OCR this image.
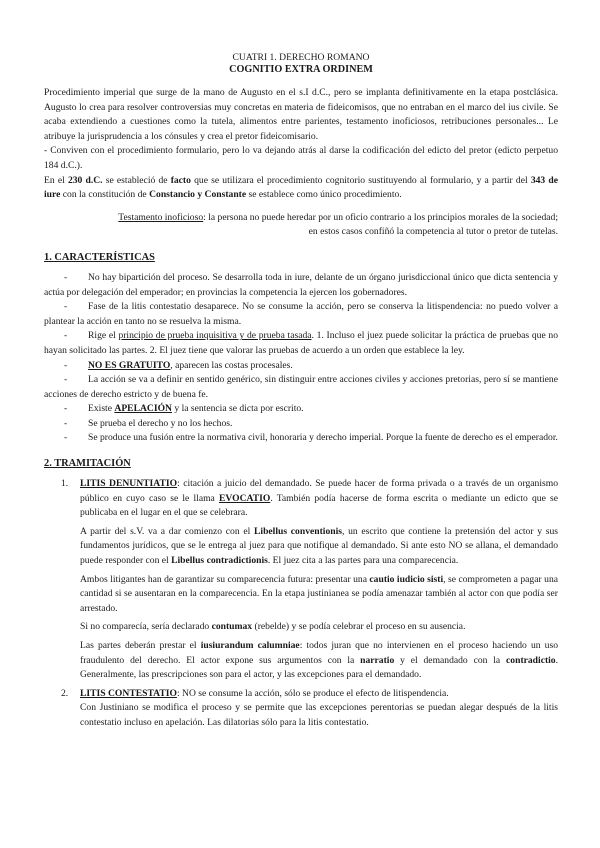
CUATRI 1. DERECHO ROMANO
COGNITIO EXTRA ORDINEM

Procedimiento imperial que surge de la mano de Augusto en el s.I d.C., pero se implanta definitivamente en la etapa postclásica. Augusto lo crea para resolver controversias muy concretas en materia de fideicomisos, que no entraban en el marco del ius civile. Se acaba extendiendo a cuestiones como la tutela, alimentos entre parientes, testamento inoficiosos, retribuciones personales... Le atribuye la jurisprudencia a los cónsules y crea el pretor fideicomisario.

- Conviven con el procedimiento formulario, pero lo va dejando atrás al darse la codificación del edicto del pretor (edicto perpetuo 184 d.C.).

En el 230 d.C. se estableció de facto que se utilizara el procedimiento cognitorio sustituyendo al formulario, y a partir del 343 de iure con la constitución de Constancio y Constante se establece como único procedimiento.

Testamento inoficioso: la persona no puede heredar por un oficio contrario a los principios morales de la sociedad;
en estos casos confiñó la competencia al tutor o pretor de tutelas.
1. CARACTERÍSTICAS
- No hay bipartición del proceso. Se desarrolla toda in iure, delante de un órgano jurisdiccional único que dicta sentencia y actúa por delegación del emperador; en provincias la competencia la ejercen los gobernadores.
- Fase de la litis contestatio desaparece. No se consume la acción, pero se conserva la litispendencia: no puedo volver a plantear la acción en tanto no se resuelva la misma.
- Rige el principio de prueba inquisitiva y de prueba tasada. 1. Incluso el juez puede solicitar la práctica de pruebas que no hayan solicitado las partes. 2. El juez tiene que valorar las pruebas de acuerdo a un orden que establece la ley.
- NO ES GRATUITO, aparecen las costas procesales.
- La acción se va a definir en sentido genérico, sin distinguir entre acciones civiles y acciones pretorias, pero sí se mantiene acciones de derecho estricto y de buena fe.
- Existe APELACIÓN y la sentencia se dicta por escrito.
- Se prueba el derecho y no los hechos.
- Se produce una fusión entre la normativa civil, honoraria y derecho imperial. Porque la fuente de derecho es el emperador.
2. TRAMITACIÓN
1. LITIS DENUNTIATIO: citación a juicio del demandado. Se puede hacer de forma privada o a través de un organismo público en cuyo caso se le llama EVOCATIO. También podía hacerse de forma escrita o mediante un edicto que se publicaba en el lugar en el que se celebrara.

A partir del s.V. va a dar comienzo con el Libellus conventionis, un escrito que contiene la pretensión del actor y sus fundamentos jurídicos, que se le entrega al juez para que notifique al demandado. Si ante esto NO se allana, el demandado puede responder con el Libellus contradictionis. El juez cita a las partes para una comparecencia.

Ambos litigantes han de garantizar su comparecencia futura: presentar una cautio iudicio sisti, se comprometen a pagar una cantidad si se ausentaran en la comparecencia. En la etapa justinianea se podía amenazar también al actor con que podía ser arrestado.

Si no comparecía, sería declarado contumax (rebelde) y se podía celebrar el proceso en su ausencia.

Las partes deberán prestar el iusiurandum calumniae: todos juran que no intervienen en el proceso haciendo un uso fraudulento del derecho. El actor expone sus argumentos con la narratio y el demandado con la contradictio. Generalmente, las prescripciones son para el actor, y las excepciones para el demandado.

2. LITIS CONTESTATIO: NO se consume la acción, sólo se produce el efecto de litispendencia.

Con Justiniano se modifica el proceso y se permite que las excepciones perentorias se puedan alegar después de la litis contestatio incluso en apelación. Las dilatorias sólo para la litis contestatio.
